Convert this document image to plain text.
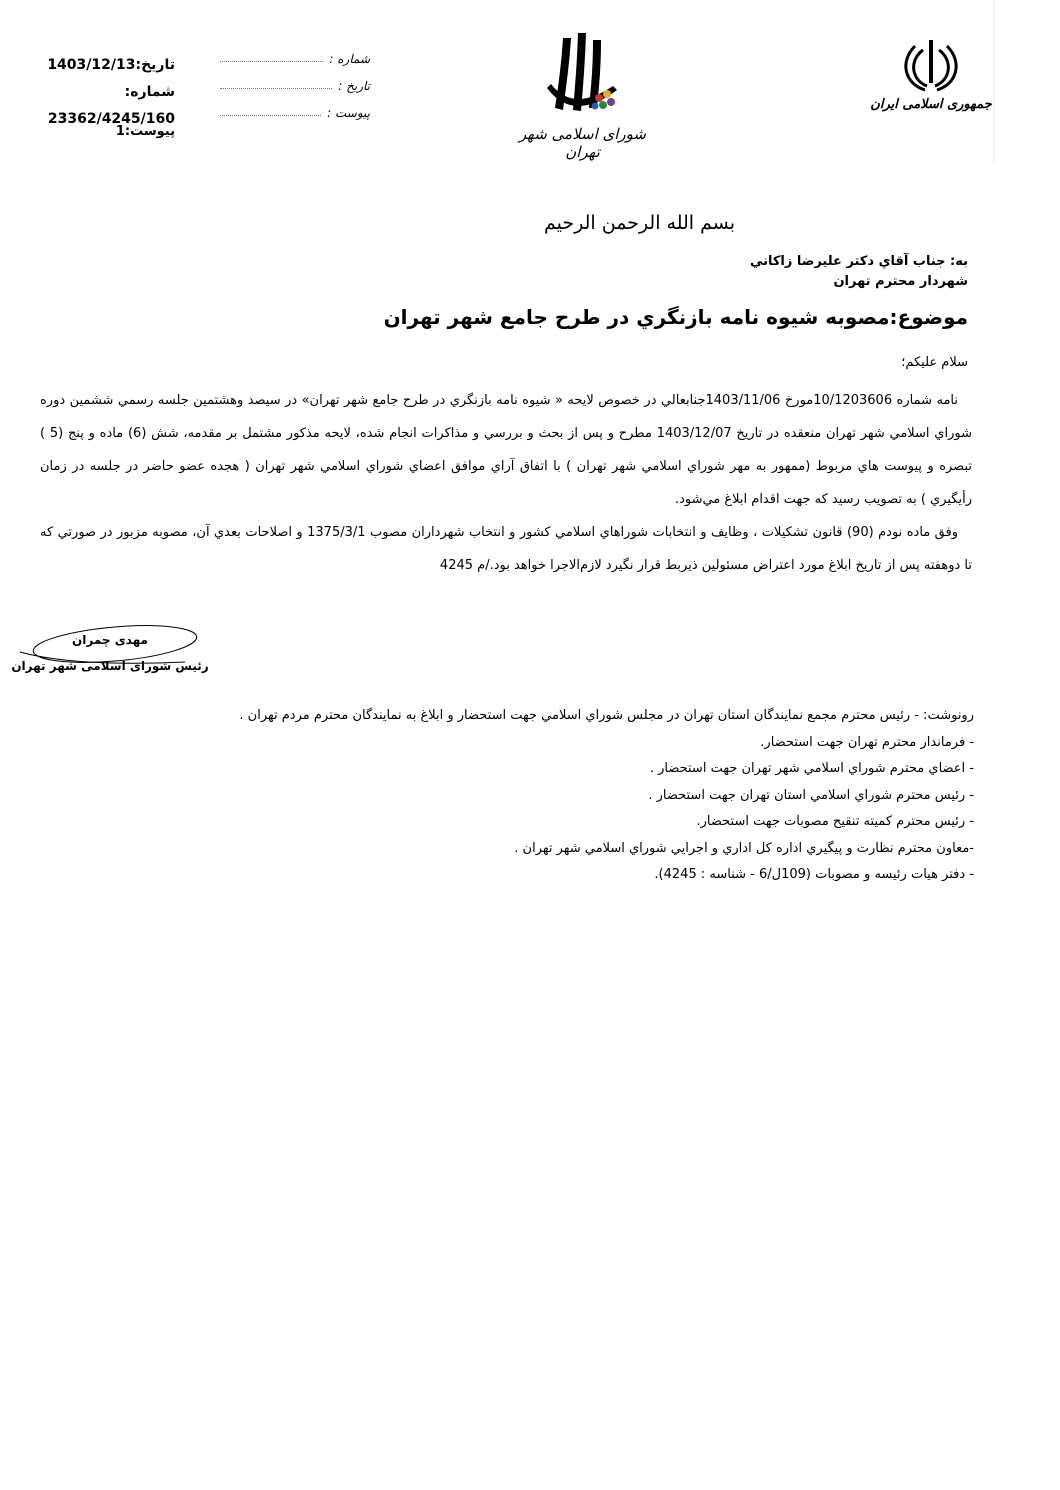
تاريخ:1403/12/13
شماره:
23362/4245/160
پيوست:1
شماره :
تاريخ :
پيوست :
شورای اسلامی شهر تهران
جمهوری اسلامی ایران
بسم الله الرحمن الرحيم
به: جناب آقاي دكتر عليرضا زاكاني
شهردار محترم تهران
موضوع:مصوبه شيوه نامه بازنگري در طرح جامع شهر تهران
سلام عليكم؛

نامه شماره 10/1203606مورخ 1403/11/06جنابعالي در خصوص لايحه « شيوه نامه بازنگري در طرح جامع شهر تهران» در سيصد وهشتمين جلسه رسمي ششمين دوره شوراي اسلامي شهر تهران منعقده در تاريخ 1403/12/07 مطرح و پس از بحث و بررسي و مذاكرات انجام شده، لايحه مذكور مشتمل بر مقدمه، شش (6) ماده و پنج (5 ) تبصره و پيوست هاي مربوط (ممهور به مهر شوراي اسلامي شهر تهران ) با اتفاق آراي موافق اعضاي شوراي اسلامي شهر تهران ( هجده عضو حاضر در جلسه در زمان رأيگيري ) به تصويب رسيد كه جهت اقدام ابلاغ مي‌شود.

وفق ماده نودم (90) قانون تشكيلات ، وظايف و انتخابات شوراهاي اسلامي كشور و انتخاب شهرداران مصوب 1375/3/1 و اصلاحات بعدي آن، مصوبه مزبور در صورتي كه تا دوهفته پس از تاريخ ابلاغ مورد اعتراض مسئولين ذيربط قرار نگيرد لازم‌الاجرا خواهد بود./م 4245

مهدی چمران
رئیس شورای اسلامی شهر تهران
رونوشت: - رئيس محترم مجمع نمايندگان استان تهران در مجلس شوراي اسلامي جهت استحضار و ابلاغ به نمايندگان محترم مردم تهران .
- فرماندار محترم تهران جهت استحضار.
- اعضاي محترم شوراي اسلامي شهر تهران جهت استحضار .
- رئيس محترم شوراي اسلامي استان تهران جهت استحضار .
- رئيس محترم كميته تنقيح مصوبات جهت استحضار.
-معاون محترم نظارت و پيگيري اداره كل اداري و اجرايي شوراي اسلامي شهر تهران .
- دفتر هيات رئيسه و مصوبات (109ل/6 - شناسه : 4245).
